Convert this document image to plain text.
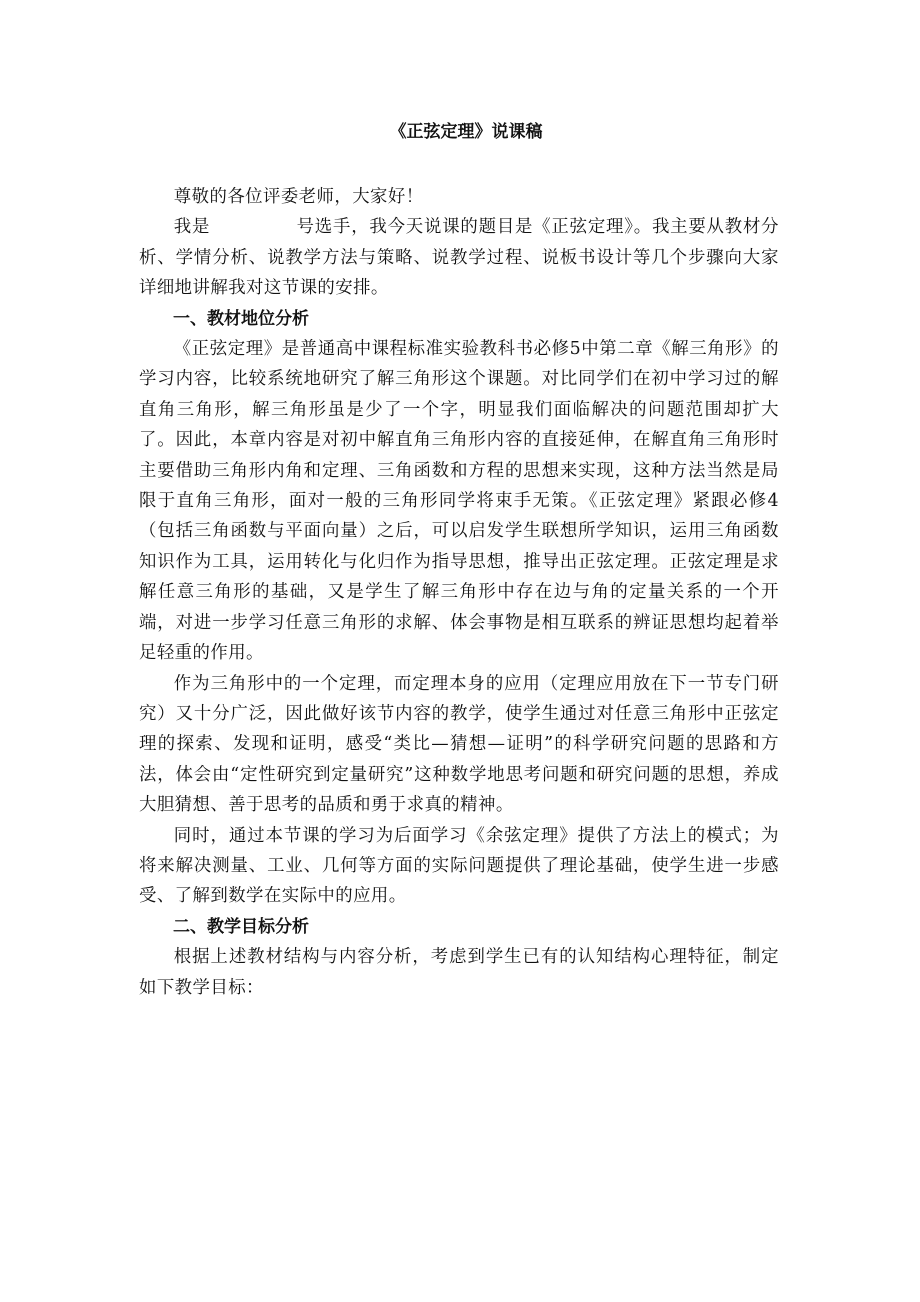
《正弦定理》说课稿

尊敬的各位评委老师，大家好！

我是	号选手，我今天说课的题目是《正弦定理》。我主要从教材分析、学情分析、说教学方法与策略、说教学过程、说板书设计等几个步骤向大家详细地讲解我对这节课的安排。

一、教材地位分析

《正弦定理》是普通高中课程标准实验教科书必修5中第二章《解三角形》的学习内容，比较系统地研究了解三角形这个课题。对比同学们在初中学习过的解直角三角形，解三角形虽是少了一个字，明显我们面临解决的问题范围却扩大了。因此，本章内容是对初中解直角三角形内容的直接延伸，在解直角三角形时主要借助三角形内角和定理、三角函数和方程的思想来实现，这种方法当然是局限于直角三角形，面对一般的三角形同学将束手无策。《正弦定理》紧跟必修4（包括三角函数与平面向量）之后，可以启发学生联想所学知识，运用三角函数知识作为工具，运用转化与化归作为指导思想，推导出正弦定理。正弦定理是求解任意三角形的基础，又是学生了解三角形中存在边与角的定量关系的一个开端，对进一步学习任意三角形的求解、体会事物是相互联系的辨证思想均起着举足轻重的作用。

作为三角形中的一个定理，而定理本身的应用（定理应用放在下一节专门研究）又十分广泛，因此做好该节内容的教学，使学生通过对任意三角形中正弦定理的探索、发现和证明，感受“类比—猜想—证明”的科学研究问题的思路和方法，体会由“定性研究到定量研究”这种数学地思考问题和研究问题的思想，养成大胆猜想、善于思考的品质和勇于求真的精神。

同时，通过本节课的学习为后面学习《余弦定理》提供了方法上的模式；为将来解决测量、工业、几何等方面的实际问题提供了理论基础，使学生进一步感受、了解到数学在实际中的应用。

二、教学目标分析

根据上述教材结构与内容分析，考虑到学生已有的认知结构心理特征，制定如下教学目标：
